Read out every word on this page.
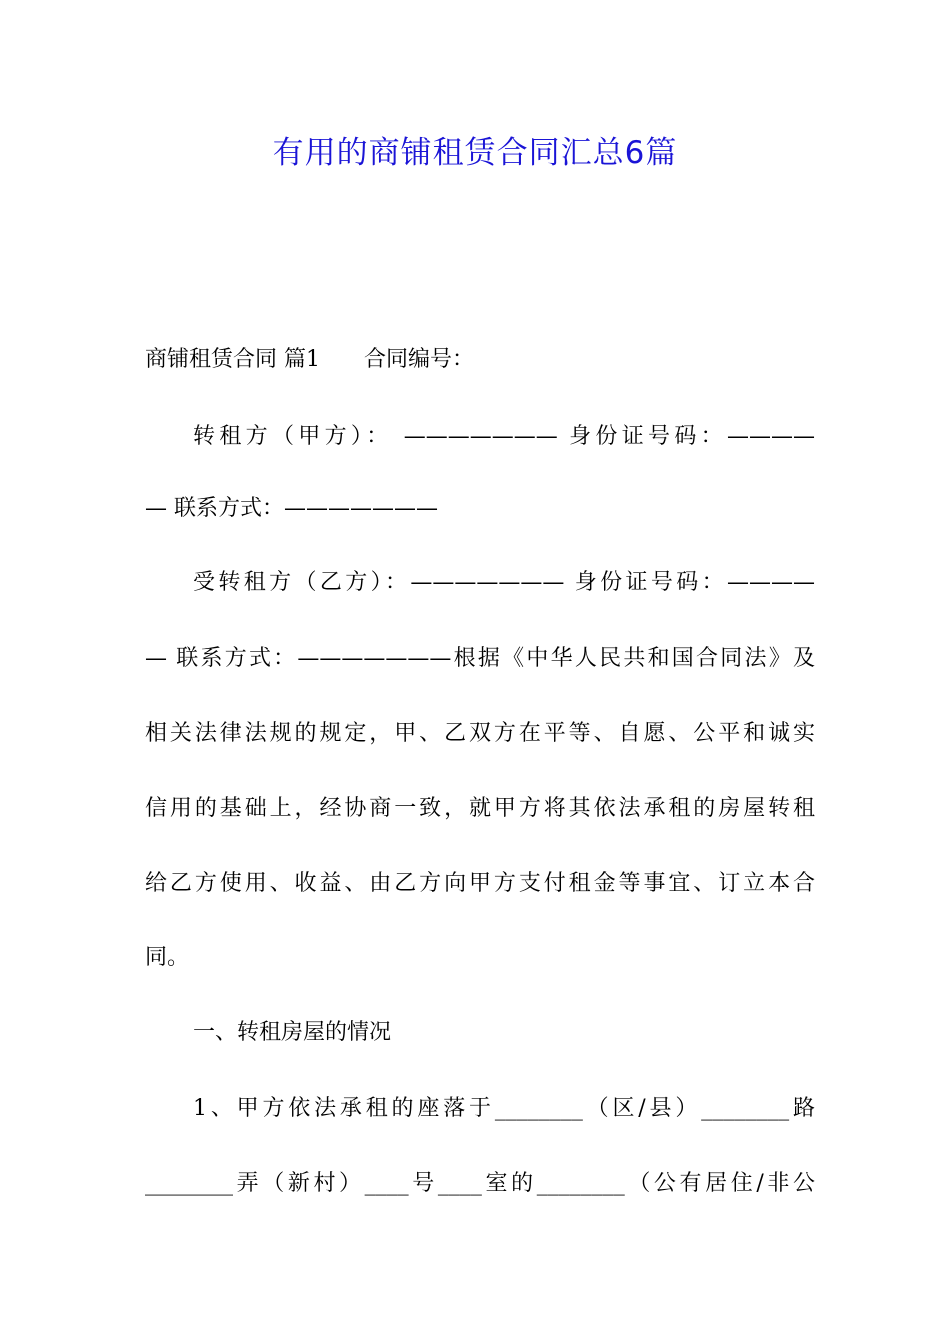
有用的商铺租赁合同汇总6篇
商铺租赁合同 篇1 合同编号：
转租方（甲方）： ——————— 身份证号码：————
— 联系方式：———————
受转租方（乙方）：——————— 身份证号码：————
— 联系方式：———————根据《中华人民共和国合同法》及
相关法律法规的规定，甲、乙双方在平等、自愿、公平和诚实
信用的基础上，经协商一致，就甲方将其依法承租的房屋转租
给乙方使用、收益、由乙方向甲方支付租金等事宜、订立本合
同。
一、转租房屋的情况
1、甲方依法承租的座落于________（区/县）________路
________弄（新村）____号____室的________（公有居住/非公
